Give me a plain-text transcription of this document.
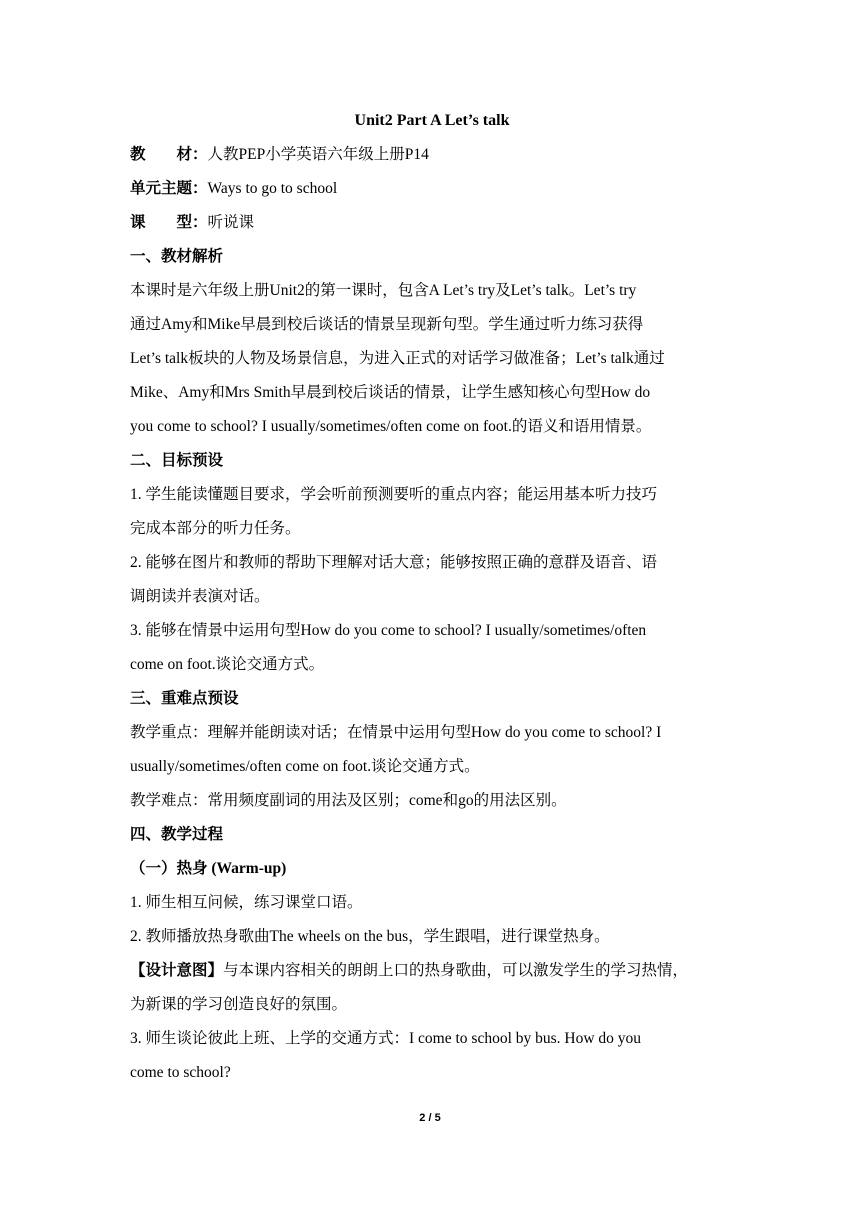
Unit2 Part A Let’s talk
教 材：人教PEP小学英语六年级上册P14
单元主题：Ways to go to school
课 型：听说课
一、教材解析
本课时是六年级上册Unit2的第一课时，包含A Let’s try及Let’s talk。Let’s try
通过Amy和Mike早晨到校后谈话的情景呈现新句型。学生通过听力练习获得
Let’s talk板块的人物及场景信息，为进入正式的对话学习做准备；Let’s talk通过
Mike、Amy和Mrs Smith早晨到校后谈话的情景，让学生感知核心句型How do
you come to school? I usually/sometimes/often come on foot.的语义和语用情景。
二、目标预设
1. 学生能读懂题目要求，学会听前预测要听的重点内容；能运用基本听力技巧
完成本部分的听力任务。
2. 能够在图片和教师的帮助下理解对话大意；能够按照正确的意群及语音、语
调朗读并表演对话。
3. 能够在情景中运用句型How do you come to school? I usually/sometimes/often
come on foot.谈论交通方式。
三、重难点预设
教学重点：理解并能朗读对话；在情景中运用句型How do you come to school? I
usually/sometimes/often come on foot.谈论交通方式。
教学难点：常用频度副词的用法及区别；come和go的用法区别。
四、教学过程
（一）热身 (Warm-up)
1. 师生相互问候，练习课堂口语。
2. 教师播放热身歌曲The wheels on the bus，学生跟唱，进行课堂热身。
【设计意图】与本课内容相关的朗朗上口的热身歌曲，可以激发学生的学习热情，
为新课的学习创造良好的氛围。
3. 师生谈论彼此上班、上学的交通方式：I come to school by bus. How do you
come to school?
2 / 5
